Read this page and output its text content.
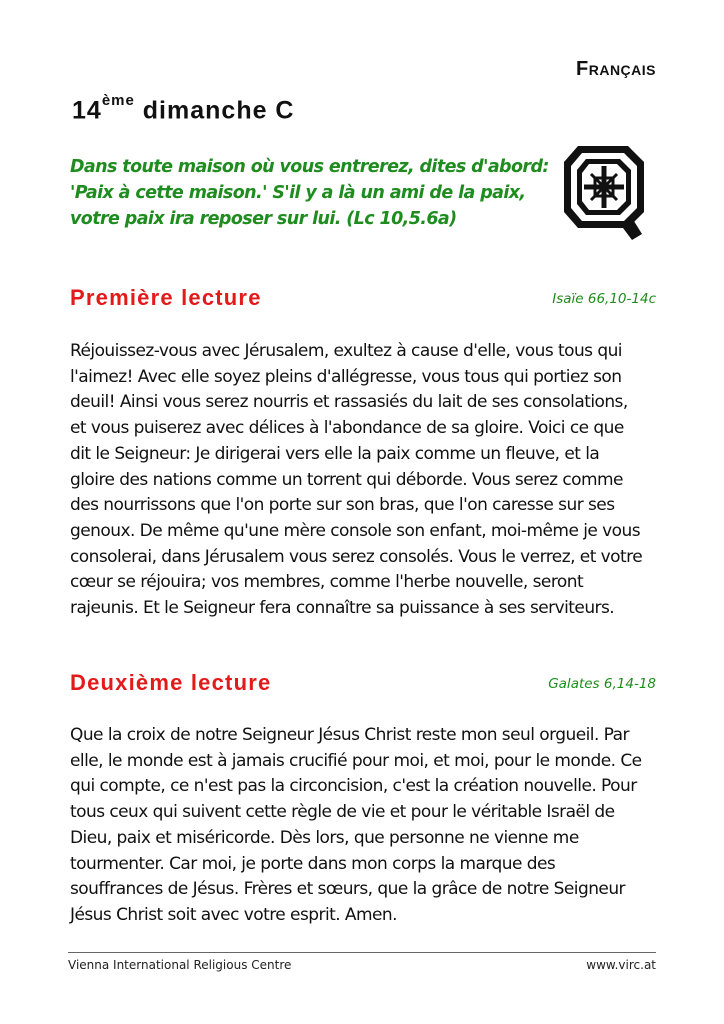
Français
14ème dimanche C
Dans toute maison où vous entrerez, dites d'abord:
'Paix à cette maison.' S'il y a là un ami de la paix,
votre paix ira reposer sur lui. (Lc 10,5.6a)
Première lecture	Isaïe 66,10-14c
Réjouissez-vous avec Jérusalem, exultez à cause d'elle, vous tous qui
l'aimez! Avec elle soyez pleins d'allégresse, vous tous qui portiez son
deuil! Ainsi vous serez nourris et rassasiés du lait de ses consolations,
et vous puiserez avec délices à l'abondance de sa gloire. Voici ce que
dit le Seigneur: Je dirigerai vers elle la paix comme un fleuve, et la
gloire des nations comme un torrent qui déborde. Vous serez comme
des nourrissons que l'on porte sur son bras, que l'on caresse sur ses
genoux. De même qu'une mère console son enfant, moi-même je vous
consolerai, dans Jérusalem vous serez consolés. Vous le verrez, et votre
cœur se réjouira; vos membres, comme l'herbe nouvelle, seront
rajeunis. Et le Seigneur fera connaître sa puissance à ses serviteurs.
Deuxième lecture	Galates 6,14-18
Que la croix de notre Seigneur Jésus Christ reste mon seul orgueil. Par
elle, le monde est à jamais crucifié pour moi, et moi, pour le monde. Ce
qui compte, ce n'est pas la circoncision, c'est la création nouvelle. Pour
tous ceux qui suivent cette règle de vie et pour le véritable Israël de
Dieu, paix et miséricorde. Dès lors, que personne ne vienne me
tourmenter. Car moi, je porte dans mon corps la marque des
souffrances de Jésus. Frères et sœurs, que la grâce de notre Seigneur
Jésus Christ soit avec votre esprit. Amen.
Vienna International Religious Centre	www.virc.at
